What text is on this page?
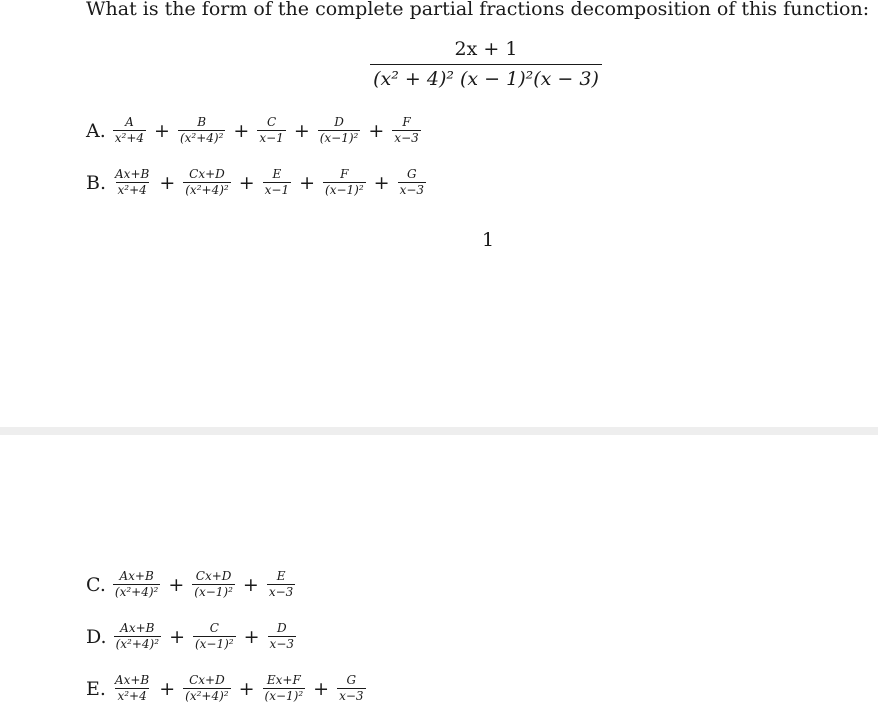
What is the form of the complete partial fractions decomposition of this function:
2x + 1
(x² + 4)² (x − 1)²(x − 3)
A. $\frac{A}{\text{x²+4}} + \frac{B}{\text{(x²+4)²}} + \frac{C}{x-1} + \frac{D}{\text{(x−1)²}} + \frac{F}{x-3}$
B. $\frac{Ax+B}{\text{x²+4}} + \frac{Cx+D}{\text{(x²+4)²}} + \frac{E}{x-1} + \frac{F}{\text{(x−1)²}} + \frac{G}{x-3}$
1
C. $\frac{Ax+B}{\text{(x²+4)²}} + \frac{Cx+D}{\text{(x−1)²}} + \frac{E}{x-3}$
D. $\frac{Ax+B}{\text{(x²+4)²}} + \frac{C}{\text{(x−1)²}} + \frac{D}{x-3}$
E. $\frac{Ax+B}{\text{x²+4}} + \frac{Cx+D}{\text{(x²+4)²}} + \frac{Ex+F}{\text{(x−1)²}} + \frac{G}{x-3}$
